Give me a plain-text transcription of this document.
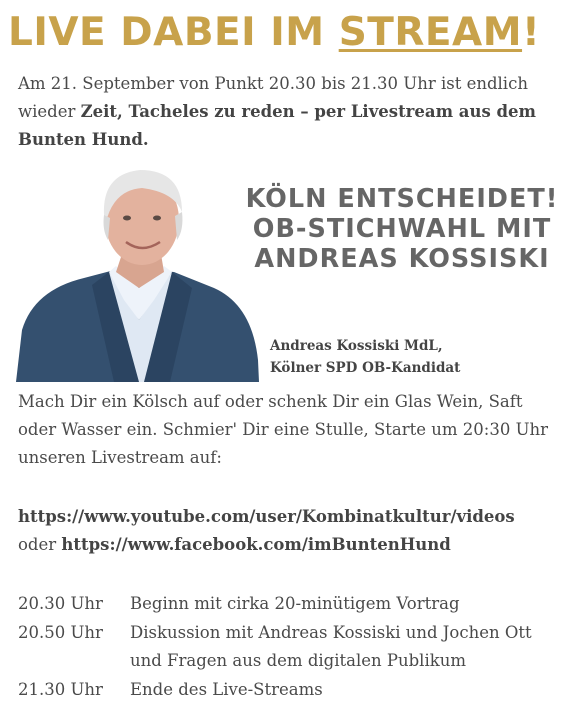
LIVE DABEI IM STREAM!
Am 21. September von Punkt 20.30 bis 21.30 Uhr ist endlich
wieder Zeit, Tacheles zu reden – per Livestream aus dem
Bunten Hund.
KÖLN ENTSCHEIDET!
OB-STICHWAHL MIT
ANDREAS KOSSISKI
Andreas Kossiski MdL,
Kölner SPD OB-Kandidat
Mach Dir ein Kölsch auf oder schenk Dir ein Glas Wein, Saft
oder Wasser ein. Schmier' Dir eine Stulle, Starte um 20:30 Uhr
unseren Livestream auf:
https://www.youtube.com/user/Kombinatkultur/videos
oder https://www.facebook.com/imBuntenHund
20.30 Uhr	Beginn mit cirka 20-minütigem Vortrag
20.50 Uhr	Diskussion mit Andreas Kossiski und Jochen Ott
und Fragen aus dem digitalen Publikum
21.30 Uhr	Ende des Live-Streams
